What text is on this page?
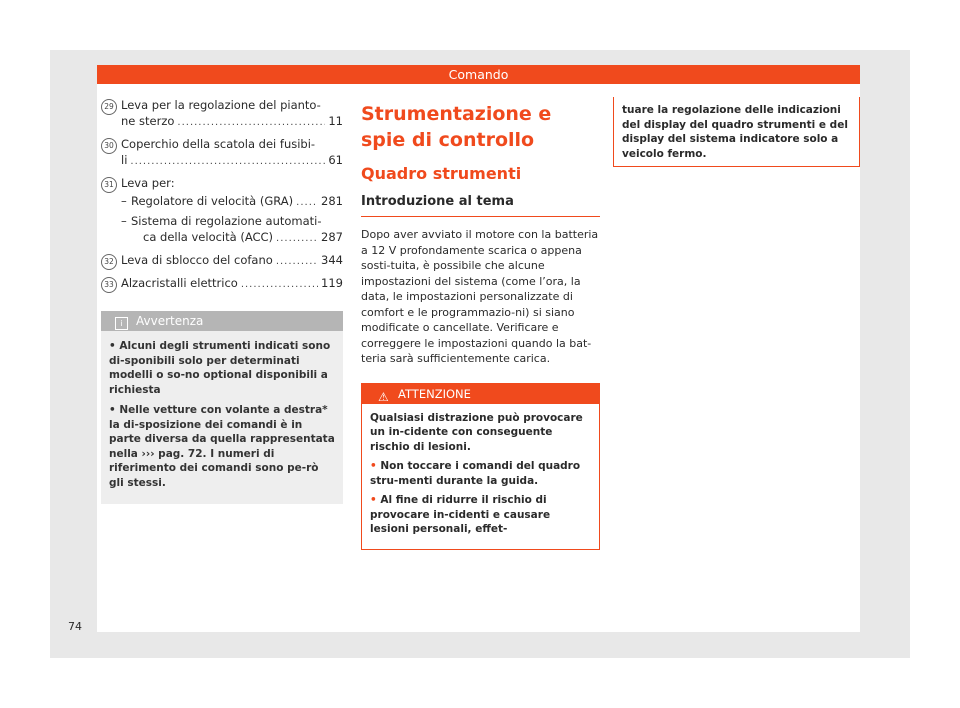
Comando
29 Leva per la regolazione del pianto-
ne sterzo .....	11
30 Coperchio della scatola dei fusibi-
li .....	61
31 Leva per:
– Regolatore di velocità (GRA) ..... 281
– Sistema di regolazione automati-
ca della velocità (ACC) .....	287
32 Leva di sblocco del cofano .....	344
33 Alzacristalli elettrico .....	119
i Avvertenza
• Alcuni degli strumenti indicati sono di-sponibili solo per determinati modelli o so-no optional disponibili a richiesta
• Nelle vetture con volante a destra* la di-sposizione dei comandi è in parte diversa da quella rappresentata nella ››› pag. 72. I numeri di riferimento dei comandi sono pe-rò gli stessi.
Strumentazione e spie di controllo
Quadro strumenti
Introduzione al tema
Dopo aver avviato il motore con la batteria a 12 V profondamente scarica o appena sosti-tuita, è possibile che alcune impostazioni del sistema (come l’ora, la data, le impostazioni personalizzate di comfort e le programmazio-ni) si siano modificate o cancellate. Verificare e correggere le impostazioni quando la bat-teria sarà sufficientemente carica.
⚠ ATTENZIONE
Qualsiasi distrazione può provocare un in-cidente con conseguente rischio di lesioni.
• Non toccare i comandi del quadro stru-menti durante la guida.
• Al fine di ridurre il rischio di provocare in-cidenti e causare lesioni personali, effet-
tuare la regolazione delle indicazioni del display del quadro strumenti e del display del sistema indicatore solo a veicolo fermo.
74
